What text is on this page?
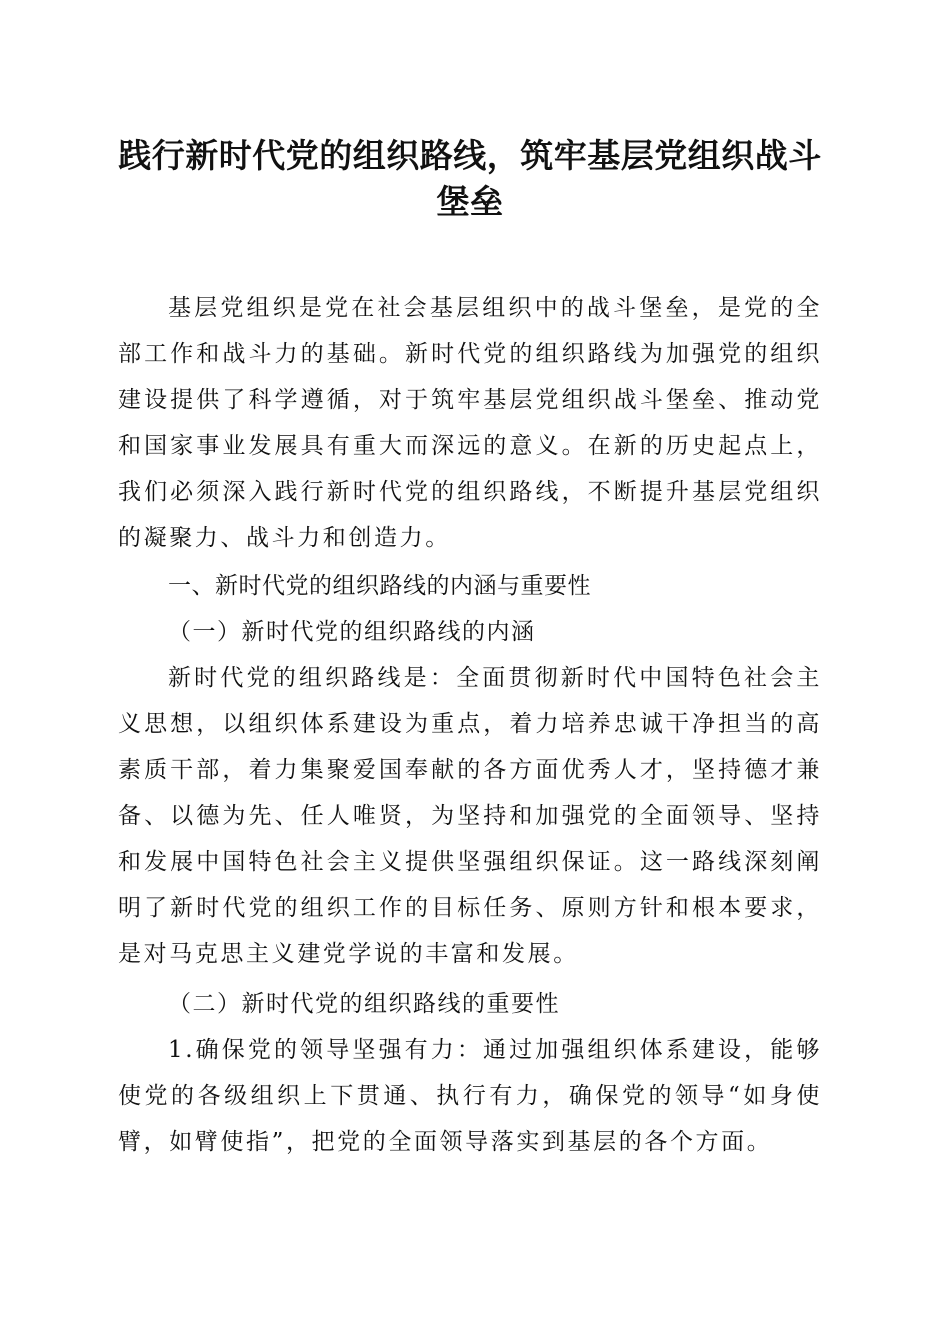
践行新时代党的组织路线，筑牢基层党组织战斗堡垒

基层党组织是党在社会基层组织中的战斗堡垒，是党的全部工作和战斗力的基础。新时代党的组织路线为加强党的组织建设提供了科学遵循，对于筑牢基层党组织战斗堡垒、推动党和国家事业发展具有重大而深远的意义。在新的历史起点上，我们必须深入践行新时代党的组织路线，不断提升基层党组织的凝聚力、战斗力和创造力。

一、新时代党的组织路线的内涵与重要性

（一）新时代党的组织路线的内涵

新时代党的组织路线是：全面贯彻新时代中国特色社会主义思想，以组织体系建设为重点，着力培养忠诚干净担当的高素质干部，着力集聚爱国奉献的各方面优秀人才，坚持德才兼备、以德为先、任人唯贤，为坚持和加强党的全面领导、坚持和发展中国特色社会主义提供坚强组织保证。这一路线深刻阐明了新时代党的组织工作的目标任务、原则方针和根本要求，是对马克思主义建党学说的丰富和发展。

（二）新时代党的组织路线的重要性

1.确保党的领导坚强有力：通过加强组织体系建设，能够使党的各级组织上下贯通、执行有力，确保党的领导“如身使臂，如臂使指”，把党的全面领导落实到基层的各个方面。
